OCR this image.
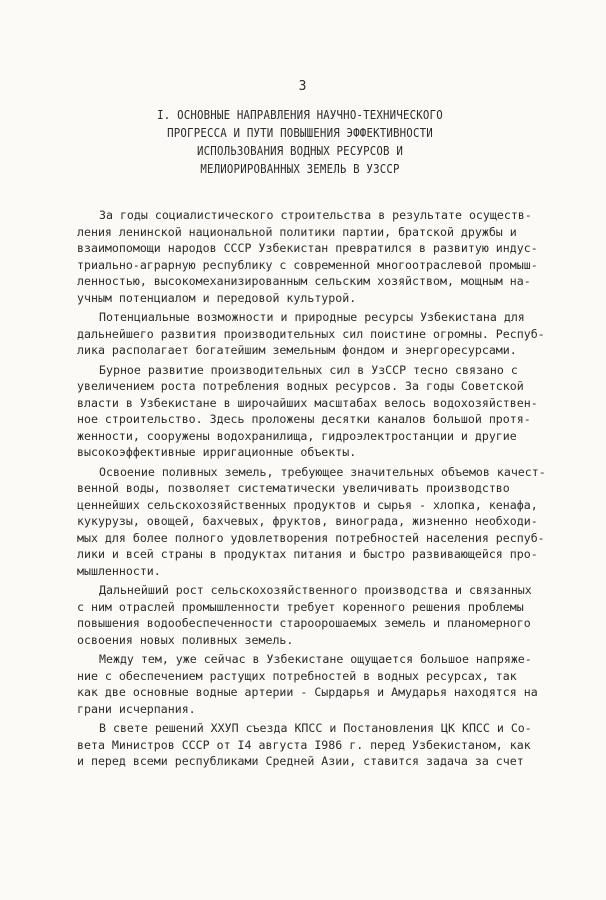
3
I. ОСНОВНЫЕ НАПРАВЛЕНИЯ НАУЧНО-ТЕХНИЧЕСКОГО
ПРОГРЕССА И ПУТИ ПОВЫШЕНИЯ ЭФФЕКТИВНОСТИ
ИСПОЛЬЗОВАНИЯ ВОДНЫХ РЕСУРСОВ И
МЕЛИОРИРОВАННЫХ ЗЕМЕЛЬ В УЗССР
За годы социалистического строительства в результате осуществ-
ления ленинской национальной политики партии, братской дружбы и
взаимопомощи народов СССР Узбекистан превратился в развитую индус-
триально-аграрную республику с современной многоотраслевой промыш-
ленностью, высокомеханизированным сельским хозяйством, мощным на-
учным потенциалом и передовой культурой.
Потенциальные возможности и природные ресурсы Узбекистана для
дальнейшего развития производительных сил поистине огромны. Респуб-
лика располагает богатейшим земельным фондом и энергоресурсами.
Бурное развитие производительных сил в УзССР тесно связано с
увеличением роста потребления водных ресурсов. За годы Советской
власти в Узбекистане в широчайших масштабах велось водохозяйствен-
ное строительство. Здесь проложены десятки каналов большой протя-
женности, сооружены водохранилища, гидроэлектростанции и другие
высокоэффективные ирригационные объекты.
Освоение поливных земель, требующее значительных объемов качест-
венной воды, позволяет систематически увеличивать производство
ценнейших сельскохозяйственных продуктов и сырья - хлопка, кенафа,
кукурузы, овощей, бахчевых, фруктов, винограда, жизненно необходи-
мых для более полного удовлетворения потребностей населения респуб-
лики и всей страны в продуктах питания и быстро развивающейся про-
мышленности.
Дальнейший рост сельскохозяйственного производства и связанных
с ним отраслей промышленности требует коренного решения проблемы
повышения водообеспеченности староорошаемых земель и планомерного
освоения новых поливных земель.
Между тем, уже сейчас в Узбекистане ощущается большое напряже-
ние с обеспечением растущих потребностей в водных ресурсах, так
как две основные водные артерии - Сырдарья и Амударья находятся на
грани исчерпания.
В свете решений XXУП съезда КПСС и Постановления ЦК КПСС и Со-
вета Министров СССР от I4 августа I986 г. перед Узбекистаном, как
и перед всеми республиками Средней Азии, ставится задача за счет
